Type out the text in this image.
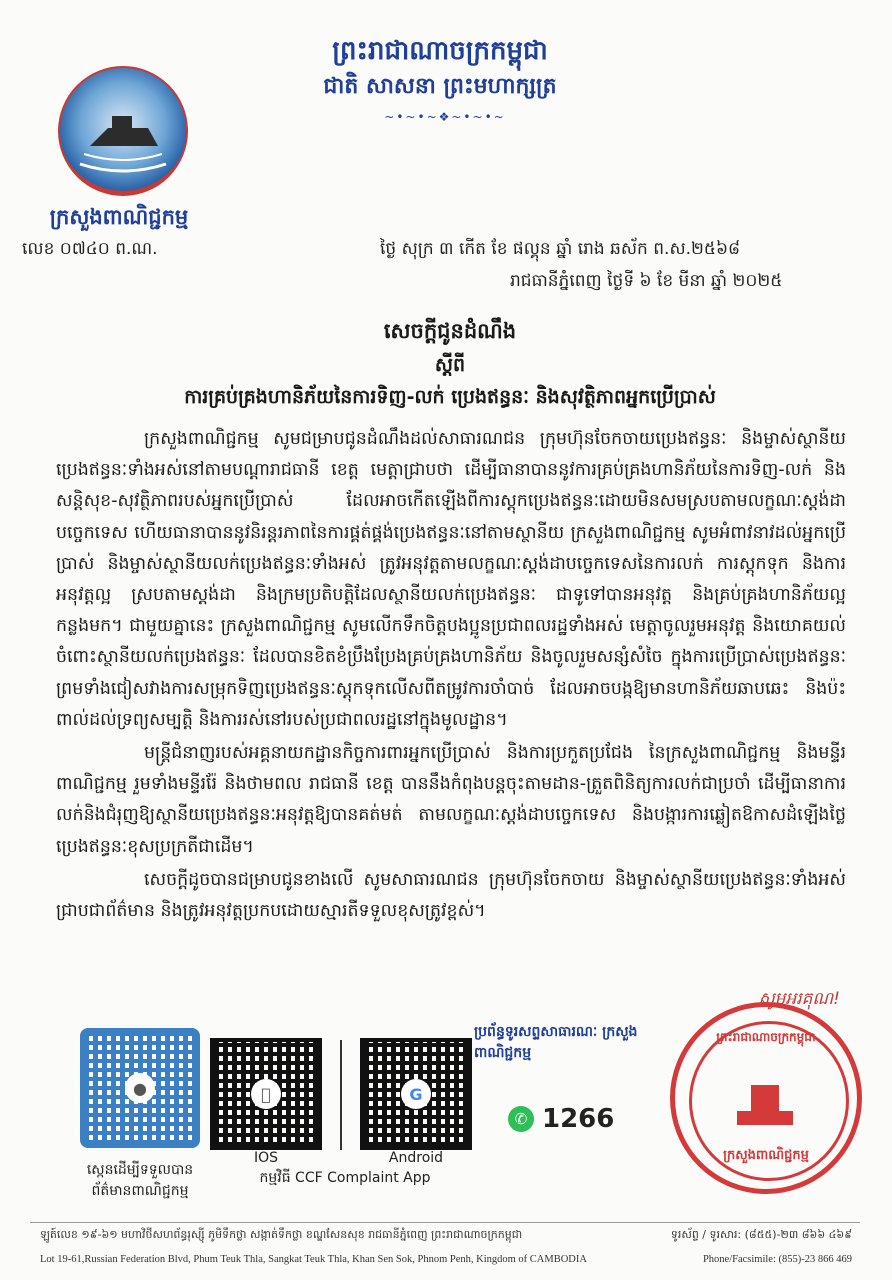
ព្រះរាជាណាចក្រកម្ពុជា
ជាតិ សាសនា ព្រះមហាក្សត្រ
~•~•~❖~•~•~
ក្រសួងពាណិជ្ជកម្ម
លេខ ០៧៤០ ព.ណ.	ថ្ងៃ សុក្រ ៣ កើត ខែ ផល្គុន ឆ្នាំ រោង ឆស័ក ព.ស.២៥៦៨
រាជធានីភ្នំពេញ ថ្ងៃទី ៦ ខែ មីនា ឆ្នាំ ២០២៥
សេចក្ដីជូនដំណឹង
ស្ដីពី
ការគ្រប់គ្រងហានិភ័យនៃការទិញ-លក់ ប្រេងឥន្ធនៈ និងសុវត្ថិភាពអ្នកប្រើប្រាស់

ក្រសួងពាណិជ្ជកម្ម សូមជម្រាបជូនដំណឹងដល់សាធារណជន ក្រុមហ៊ុនចែកចាយប្រេងឥន្ធនៈ និងម្ចាស់ស្ថានីយប្រេងឥន្ធនៈទាំងអស់នៅតាមបណ្តារាជធានី ខេត្ត មេត្តាជ្រាបថា ដើម្បីធានាបាននូវការគ្រប់គ្រងហានិភ័យនៃការទិញ-លក់ និងសន្តិសុខ-សុវត្ថិភាពរបស់អ្នកប្រើប្រាស់ ដែលអាចកើតឡើងពីការស្តុកប្រេងឥន្ធនៈដោយមិនសមស្របតាមលក្ខណៈស្តង់ដាបច្ចេកទេស ហើយធានាបាននូវនិរន្តរភាពនៃការផ្គត់ផ្គង់ប្រេងឥន្ធនៈនៅតាមស្ថានីយ ក្រសួងពាណិជ្ជកម្ម សូមអំពាវនាវដល់អ្នកប្រើប្រាស់ និងម្ចាស់ស្ថានីយលក់ប្រេងឥន្ធនៈទាំងអស់ ត្រូវអនុវត្តតាមលក្ខណៈស្តង់ដាបច្ចេកទេសនៃការលក់ ការស្តុកទុក និងការអនុវត្តល្អ ស្របតាមស្តង់ដា និងក្រមប្រតិបត្តិដែលស្ថានីយលក់ប្រេងឥន្ធនៈ ជាទូទៅបានអនុវត្ត និងគ្រប់គ្រងហានិភ័យល្អកន្លងមក។ ជាមួយគ្នានេះ ក្រសួងពាណិជ្ជកម្ម សូមលើកទឹកចិត្តបងប្អូនប្រជាពលរដ្ឋទាំងអស់ មេត្តាចូលរួមអនុវត្ត និងយោគយល់ចំពោះស្ថានីយលក់ប្រេងឥន្ធនៈ ដែលបានខិតខំប្រឹងប្រែងគ្រប់គ្រងហានិភ័យ និងចូលរួមសន្សំសំចៃ ក្នុងការប្រើប្រាស់ប្រេងឥន្ធនៈ ព្រមទាំងជៀសវាងការសម្រុកទិញប្រេងឥន្ធនៈស្តុកទុកលើសពីតម្រូវការចាំបាច់ ដែលអាចបង្កឱ្យមានហានិភ័យឆាបឆេះ និងប៉ះពាល់ដល់ទ្រព្យសម្បត្តិ និងការរស់នៅរបស់ប្រជាពលរដ្ឋនៅក្នុងមូលដ្ឋាន។

មន្ត្រីជំនាញរបស់អគ្គនាយកដ្ឋានកិច្ចការពារអ្នកប្រើប្រាស់ និងការប្រកួតប្រជែង នៃក្រសួងពាណិជ្ជកម្ម និងមន្ទីរពាណិជ្ជកម្ម រួមទាំងមន្ទីររ៉ែ និងថាមពល រាជធានី ខេត្ត បាននឹងកំពុងបន្តចុះតាមដាន-ត្រួតពិនិត្យការលក់ជាប្រចាំ ដើម្បីធានាការលក់និងជំរុញឱ្យស្ថានីយប្រេងឥន្ធនៈអនុវត្តឱ្យបានគត់មត់ តាមលក្ខណៈស្តង់ដាបច្ចេកទេស និងបង្ការការឆ្លៀតឱកាសដំឡើងថ្លៃប្រេងឥន្ធនៈខុសប្រក្រតីជាដើម។

សេចក្តីដូចបានជម្រាបជូនខាងលើ សូមសាធារណជន ក្រុមហ៊ុនចែកចាយ និងម្ចាស់ស្ថានីយប្រេងឥន្ធនៈទាំងអស់ ជ្រាបជាព័ត៌មាន និងត្រូវអនុវត្តប្រកបដោយស្មារតីទទួលខុសត្រូវខ្ពស់។

សូមអរគុណ!
●
ស្កេនដើម្បីទទួលបាន ព័ត៌មានពាណិជ្ជកម្ម
IOS
G
Android
កម្មវិធី CCF Complaint App
ប្រព័ន្ធទូរសព្ទសាធារណៈ ក្រសួងពាណិជ្ជកម្ម
✆ 1266
ព្រះរាជាណាចក្រកម្ពុជា
ក្រសួងពាណិជ្ជកម្ម
ឡូត៍លេខ ១៩-៦១ មហាវិថីសហព័ន្ធរុស្ស៊ី ភូមិទឹកថ្លា សង្កាត់ទឹកថ្លា ខណ្ឌសែនសុខ រាជធានីភ្នំពេញ ព្រះរាជាណាចក្រកម្ពុជា	ទូរស័ព្ទ / ទូរសារ: (៨៥៥)-២៣ ៨៦៦ ៤៦៩
Lot 19-61,Russian Federation Blvd, Phum Teuk Thla, Sangkat Teuk Thla, Khan Sen Sok, Phnom Penh, Kingdom of CAMBODIA	Phone/Facsimile: (855)-23 866 469
